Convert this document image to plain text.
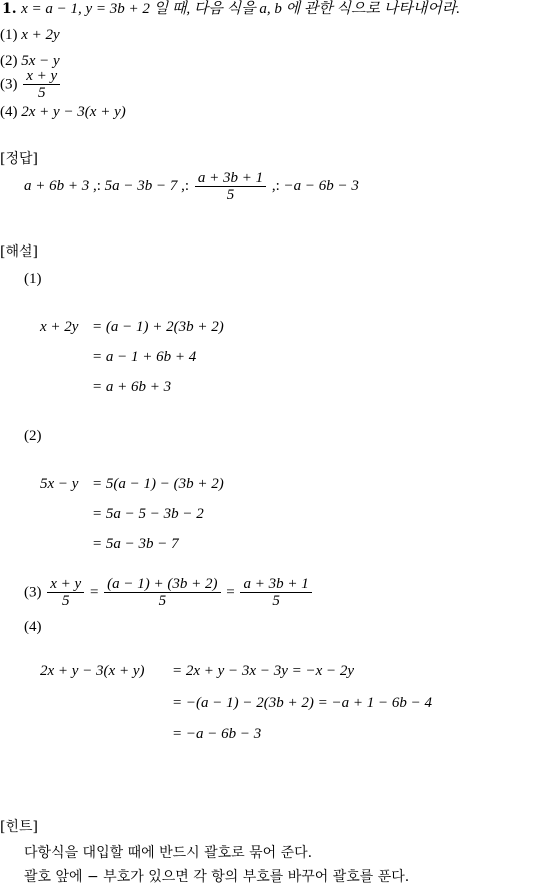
1. x = a − 1, y = 3b + 2 일 때, 다음 식을 a, b 에 관한 식으로 나타내어라.
(1) x + 2y
(2) 5x − y
$(3) \frac{x + y}{5}$
(4) 2x + y − 3(x + y)
[정답]
a + 6b + 3 ,: 5a − 3b − 7 ,: $\frac{a + 3b + 1}{5}$ ,: −a − 6b − 3
[해설]
(1)
x + 2y = (a − 1) + 2(3b + 2)
= a − 1 + 6b + 4
= a + 6b + 3
(2)
5x − y = 5(a − 1) − (3b + 2)
= 5a − 5 − 3b − 2
= 5a − 3b − 7
$(3) \frac{x + y}{5} = \frac{(a - 1) + (3b + 2)}{5} = \frac{a + 3b + 1}{5}$
(4)
2x + y − 3(x + y) = 2x + y − 3x − 3y = −x − 2y
= −(a − 1) − 2(3b + 2) = −a + 1 − 6b − 4
= −a − 6b − 3
[힌트]
다항식을 대입할 때에 반드시 괄호로 묶어 준다.
괄호 앞에 − 부호가 있으면 각 항의 부호를 바꾸어 괄호를 푼다.
